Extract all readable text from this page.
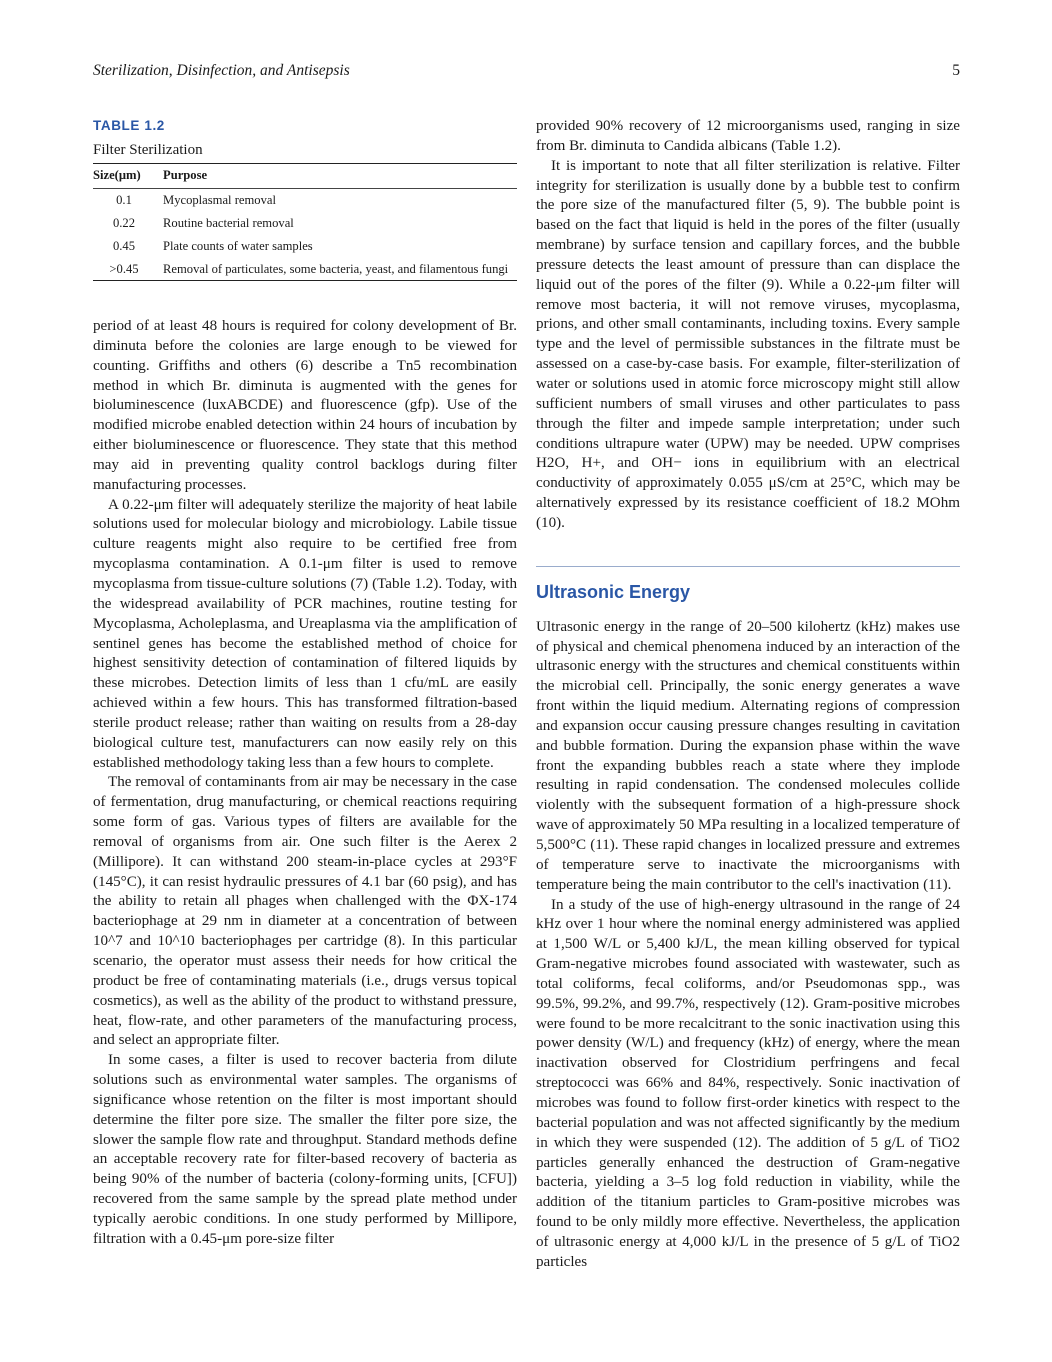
Sterilization, Disinfection, and Antisepsis	5

TABLE 1.2

Filter Sterilization

Size(μm)	Purpose
0.1	Mycoplasmal removal
0.22	Routine bacterial removal
0.45	Plate counts of water samples
>0.45	Removal of particulates, some bacteria, yeast, and filamentous fungi

period of at least 48 hours is required for colony development of Br. diminuta before the colonies are large enough to be viewed for counting. Griffiths and others (6) describe a Tn5 recombination method in which Br. diminuta is augmented with the genes for bioluminescence (luxABCDE) and fluorescence (gfp). Use of the modified microbe enabled detection within 24 hours of incubation by either bioluminescence or fluorescence. They state that this method may aid in preventing quality control backlogs during filter manufacturing processes.

A 0.22-μm filter will adequately sterilize the majority of heat labile solutions used for molecular biology and microbiology. Labile tissue culture reagents might also require to be certified free from mycoplasma contamination. A 0.1-μm filter is used to remove mycoplasma from tissue-culture solutions (7) (Table 1.2). Today, with the widespread availability of PCR machines, routine testing for Mycoplasma, Acholeplasma, and Ureaplasma via the amplification of sentinel genes has become the established method of choice for highest sensitivity detection of contamination of filtered liquids by these microbes. Detection limits of less than 1 cfu/mL are easily achieved within a few hours. This has transformed filtration-based sterile product release; rather than waiting on results from a 28-day biological culture test, manufacturers can now easily rely on this established methodology taking less than a few hours to complete.

The removal of contaminants from air may be necessary in the case of fermentation, drug manufacturing, or chemical reactions requiring some form of gas. Various types of filters are available for the removal of organisms from air. One such filter is the Aerex 2 (Millipore). It can withstand 200 steam-in-place cycles at 293°F (145°C), it can resist hydraulic pressures of 4.1 bar (60 psig), and has the ability to retain all phages when challenged with the ΦX-174 bacteriophage at 29 nm in diameter at a concentration of between 10^7 and 10^10 bacteriophages per cartridge (8). In this particular scenario, the operator must assess their needs for how critical the product be free of contaminating materials (i.e., drugs versus topical cosmetics), as well as the ability of the product to withstand pressure, heat, flow-rate, and other parameters of the manufacturing process, and select an appropriate filter.

In some cases, a filter is used to recover bacteria from dilute solutions such as environmental water samples. The organisms of significance whose retention on the filter is most important should determine the filter pore size. The smaller the filter pore size, the slower the sample flow rate and throughput. Standard methods define an acceptable recovery rate for filter-based recovery of bacteria as being 90% of the number of bacteria (colony-forming units, [CFU]) recovered from the same sample by the spread plate method under typically aerobic conditions. In one study performed by Millipore, filtration with a 0.45-μm pore-size filter

provided 90% recovery of 12 microorganisms used, ranging in size from Br. diminuta to Candida albicans (Table 1.2).

It is important to note that all filter sterilization is relative. Filter integrity for sterilization is usually done by a bubble test to confirm the pore size of the manufactured filter (5, 9). The bubble point is based on the fact that liquid is held in the pores of the filter (usually membrane) by surface tension and capillary forces, and the bubble pressure detects the least amount of pressure than can displace the liquid out of the pores of the filter (9). While a 0.22-μm filter will remove most bacteria, it will not remove viruses, mycoplasma, prions, and other small contaminants, including toxins. Every sample type and the level of permissible substances in the filtrate must be assessed on a case-by-case basis. For example, filter-sterilization of water or solutions used in atomic force microscopy might still allow sufficient numbers of small viruses and other particulates to pass through the filter and impede sample interpretation; under such conditions ultrapure water (UPW) may be needed. UPW comprises H2O, H+, and OH− ions in equilibrium with an electrical conductivity of approximately 0.055 μS/cm at 25°C, which may be alternatively expressed by its resistance coefficient of 18.2 MOhm (10).

Ultrasonic Energy

Ultrasonic energy in the range of 20–500 kilohertz (kHz) makes use of physical and chemical phenomena induced by an interaction of the ultrasonic energy with the structures and chemical constituents within the microbial cell. Principally, the sonic energy generates a wave front within the liquid medium. Alternating regions of compression and expansion occur causing pressure changes resulting in cavitation and bubble formation. During the expansion phase within the wave front the expanding bubbles reach a state where they implode resulting in rapid condensation. The condensed molecules collide violently with the subsequent formation of a high-pressure shock wave of approximately 50 MPa resulting in a localized temperature of 5,500°C (11). These rapid changes in localized pressure and extremes of temperature serve to inactivate the microorganisms with temperature being the main contributor to the cell's inactivation (11).

In a study of the use of high-energy ultrasound in the range of 24 kHz over 1 hour where the nominal energy administered was applied at 1,500 W/L or 5,400 kJ/L, the mean killing observed for typical Gram-negative microbes found associated with wastewater, such as total coliforms, fecal coliforms, and/or Pseudomonas spp., was 99.5%, 99.2%, and 99.7%, respectively (12). Gram-positive microbes were found to be more recalcitrant to the sonic inactivation using this power density (W/L) and frequency (kHz) of energy, where the mean inactivation observed for Clostridium perfringens and fecal streptococci was 66% and 84%, respectively. Sonic inactivation of microbes was found to follow first-order kinetics with respect to the bacterial population and was not affected significantly by the medium in which they were suspended (12). The addition of 5 g/L of TiO2 particles generally enhanced the destruction of Gram-negative bacteria, yielding a 3–5 log fold reduction in viability, while the addition of the titanium particles to Gram-positive microbes was found to be only mildly more effective. Nevertheless, the application of ultrasonic energy at 4,000 kJ/L in the presence of 5 g/L of TiO2 particles
